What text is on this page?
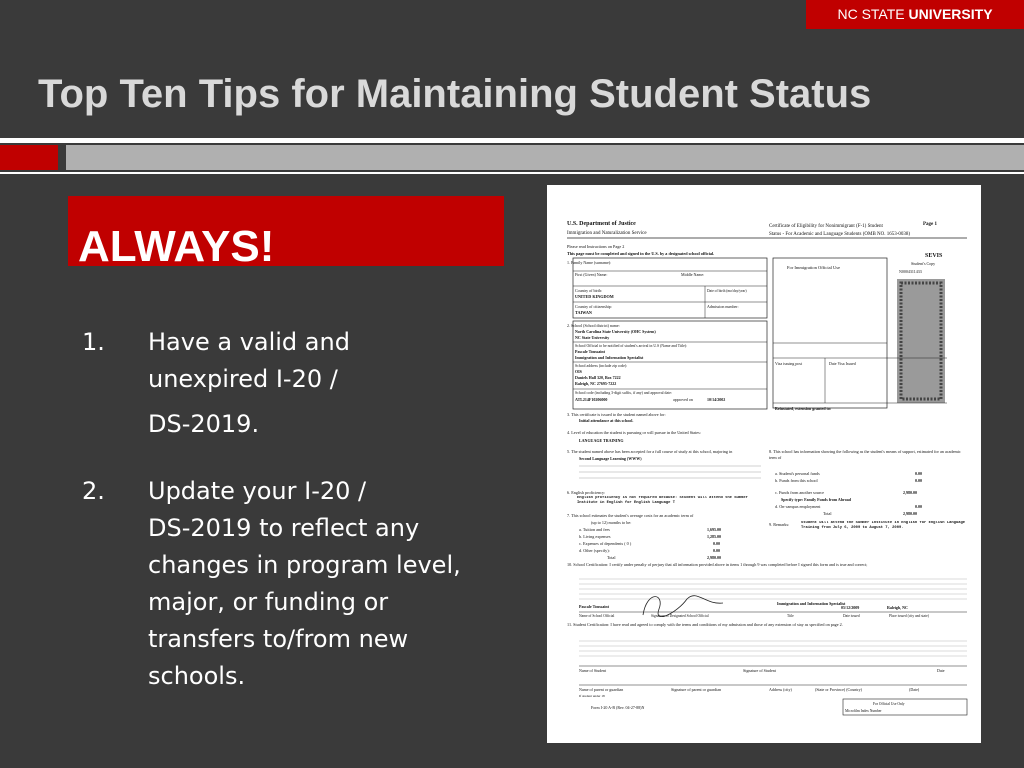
NC STATE UNIVERSITY
Top Ten Tips for Maintaining Student Status
ALWAYS!
1. Have a valid and
unexpired I-20 /
DS-2019.
2. Update your I-20 /
DS-2019 to reflect any
changes in program level,
major, or funding or
transfers to/from new
schools.
U.S. Department of Justice
Immigration and Naturalization Service
Certificate of Eligibility for Nonimmigrant (F-1) Student
Status - For Academic and Language Students (OMB NO. 1653-0038)
Page 1
Please read Instructions on Page 2
This page must be completed and signed in the U.S. by a designated school official.
1. Family Name (surname):
First (Given) Name:	Middle Name:
Country of birth:
UNITED KINGDOM
Date of birth (mo/day/year)
Country of citizenship:
TAIWAN
Admission number:
For Immigration Official Use
SEVIS
Student's Copy
N0004311433
Visa issuing post	Date Visa Issued
Reinstated, extension granted to:
2. School (School district) name:
North Carolina State University (OHC System)
NC State University
School Official to be notified of student's arrival in U.S (Name and Title):
Pascale Toussaint
Immigration and Information Specialist
School address (include zip code):
OIS
Daniels Hall 320, Box 7222
Raleigh, NC 27695-7222
School code (including 3-digit suffix, if any) and approval date:
ATL214F10206000	approved on	10/14/2002
3. This certificate is issued to the student named above for:
Initial attendance at this school.
4. Level of education the student is pursuing or will pursue in the United States:
LANGUAGE TRAINING
5. The student named above has been accepted for a full course of study at this school, majoring in
Second Language Learning (WWW)
6. English proficiency:
English proficiency is not required because: Student will attend the Summer Institute in English for English Language T
7. This school estimates the student's average costs for an academic term of
(up to 12) months to be:
a. Tuition and fees	1,695.00
b. Living expenses	1,285.00
c. Expenses of dependents ( 0 )	0.00
d. Other (specify):	0.00
Total	2,980.00
8. This school has information showing the following as the student's means of support, estimated for an academic term of
a. Student's personal funds	0.00
b. Funds from this school	0.00
c. Funds from another source	2,980.00
Specify type: Family Funds from Abroad
d. On-campus employment	0.00
Total	2,980.00
9. Remarks:	Student will attend the Summer Institute in English for English Language Training from July 6, 2009 to August 7, 2009.
10. School Certification: I certify under penalty of perjury that all information provided above in items 1 through 9 was completed before I signed this form and is true and correct;
Pascale Toussaint
Immigration and Information Specialist
05/12/2009	Raleigh, NC
Name of School Official	Signature of Designated School Official	Title	Date issued	Place issued (city and state)
11. Student Certification: I have read and agreed to comply with the terms and conditions of my admission and those of any extension of stay as specified on page 2.
Name of Student	Signature of Student	Date
Name of parent or guardian	Signature of parent or guardian	Address (city)	(State or Province) (Country)	(Date)
If student under 18
Form I-20 A-B (Rev. 04-27-88)N
For Official Use Only
Microfilm Index Number
